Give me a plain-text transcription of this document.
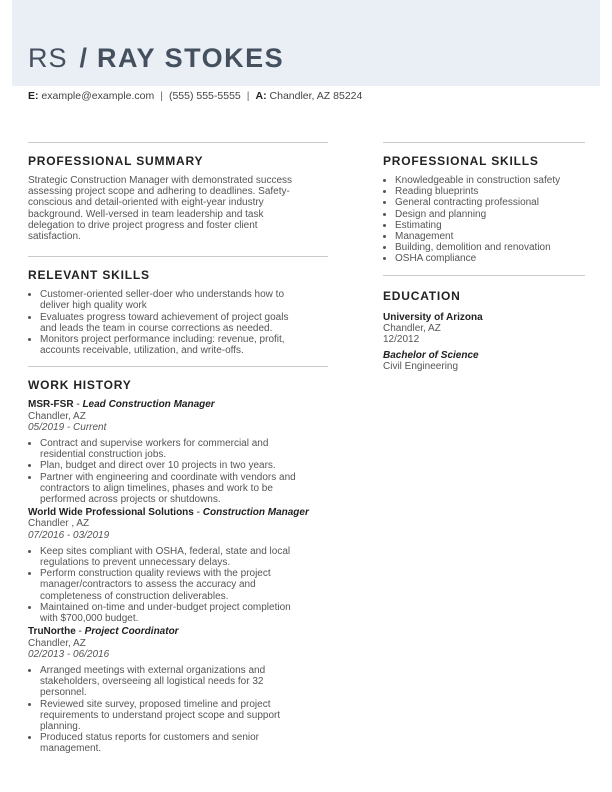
RS / RAY STOKES
E: example@example.com | (555) 555-5555 | A: Chandler, AZ 85224
PROFESSIONAL SUMMARY
Strategic Construction Manager with demonstrated success
assessing project scope and adhering to deadlines. Safety-
conscious and detail-oriented with eight-year industry
background. Well-versed in team leadership and task
delegation to drive project progress and foster client
satisfaction.
RELEVANT SKILLS
• Customer-oriented seller-doer who understands how to
deliver high quality work
• Evaluates progress toward achievement of project goals
and leads the team in course corrections as needed.
• Monitors project performance including: revenue, profit,
accounts receivable, utilization, and write-offs.
WORK HISTORY
MSR-FSR - Lead Construction Manager
Chandler, AZ
05/2019 - Current
• Contract and supervise workers for commercial and
residential construction jobs.
• Plan, budget and direct over 10 projects in two years.
• Partner with engineering and coordinate with vendors and
contractors to align timelines, phases and work to be
performed across projects or shutdowns.
World Wide Professional Solutions - Construction Manager
Chandler , AZ
07/2016 - 03/2019
• Keep sites compliant with OSHA, federal, state and local
regulations to prevent unnecessary delays.
• Perform construction quality reviews with the project
manager/contractors to assess the accuracy and
completeness of construction deliverables.
• Maintained on-time and under-budget project completion
with $700,000 budget.
TruNorthe - Project Coordinator
Chandler, AZ
02/2013 - 06/2016
• Arranged meetings with external organizations and
stakeholders, overseeing all logistical needs for 32
personnel.
• Reviewed site survey, proposed timeline and project
requirements to understand project scope and support
planning.
• Produced status reports for customers and senior
management.
PROFESSIONAL SKILLS
• Knowledgeable in construction safety
• Reading blueprints
• General contracting professional
• Design and planning
• Estimating
• Management
• Building, demolition and renovation
• OSHA compliance
EDUCATION
University of Arizona
Chandler, AZ
12/2012
Bachelor of Science
Civil Engineering
